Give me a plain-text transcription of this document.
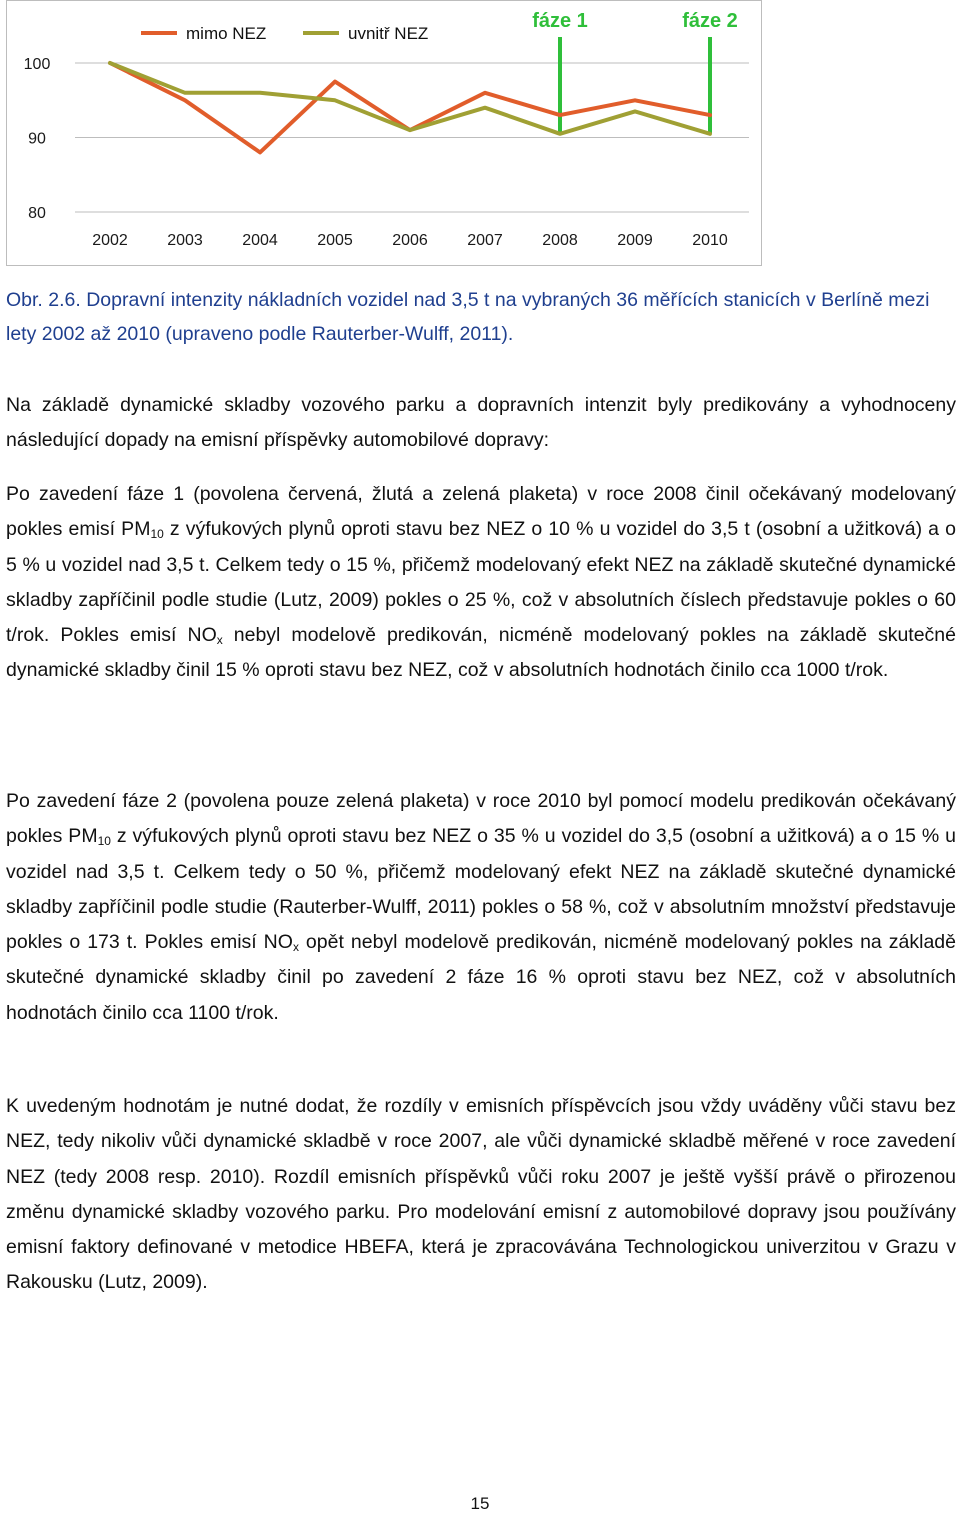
fáze 1	fáze 2
80
90
100
2002 2003 2004 2005 2006 2007 2008 2009 2010
mimo NEZ	uvnitř NEZ
Obr. 2.6. Dopravní intenzity nákladních vozidel nad 3,5 t na vybraných 36 měřících stanicích v Berlíně mezi lety 2002 až 2010 (upraveno podle Rauterber-Wulff, 2011).
Na základě dynamické skladby vozového parku a dopravních intenzit byly predikovány a vyhodnoceny následující dopady na emisní příspěvky automobilové dopravy:
Po zavedení fáze 1 (povolena červená, žlutá a zelená plaketa) v roce 2008 činil očekávaný modelovaný pokles emisí $PM_{10}$ z výfukových plynů oproti stavu bez NEZ o 10 % u vozidel do 3,5 t (osobní a užitková) a o 5 % u vozidel nad 3,5 t. Celkem tedy o 15 %, přičemž modelovaný efekt NEZ na základě skutečné dynamické skladby zapříčinil podle studie (Lutz, 2009) pokles o 25 %, což v absolutních číslech představuje pokles o 60 t/rok. Pokles emisí $NO_x$ nebyl modelově predikován, nicméně modelovaný pokles na základě skutečné dynamické skladby činil 15 % oproti stavu bez NEZ, což v absolutních hodnotách činilo cca 1000 t/rok.
Po zavedení fáze 2 (povolena pouze zelená plaketa) v roce 2010 byl pomocí modelu predikován očekávaný pokles $PM_{10}$ z výfukových plynů oproti stavu bez NEZ o 35 % u vozidel do 3,5 (osobní a užitková) a o 15 % u vozidel nad 3,5 t. Celkem tedy o 50 %, přičemž modelovaný efekt NEZ na základě skutečné dynamické skladby zapříčinil podle studie (Rauterber-Wulff, 2011) pokles o 58 %, což v absolutním množství představuje pokles o 173 t. Pokles emisí $NO_x$ opět nebyl modelově predikován, nicméně modelovaný pokles na základě skutečné dynamické skladby činil po zavedení 2 fáze 16 % oproti stavu bez NEZ, což v absolutních hodnotách činilo cca 1100 t/rok.
K uvedeným hodnotám je nutné dodat, že rozdíly v emisních příspěvcích jsou vždy uváděny vůči stavu bez NEZ, tedy nikoliv vůči dynamické skladbě v roce 2007, ale vůči dynamické skladbě měřené v roce zavedení NEZ (tedy 2008 resp. 2010). Rozdíl emisních příspěvků vůči roku 2007 je ještě vyšší právě o přirozenou změnu dynamické skladby vozového parku. Pro modelování emisní z automobilové dopravy jsou používány emisní faktory definované v metodice HBEFA, která je zpracovávána Technologickou univerzitou v Grazu v Rakousku (Lutz, 2009).
15
